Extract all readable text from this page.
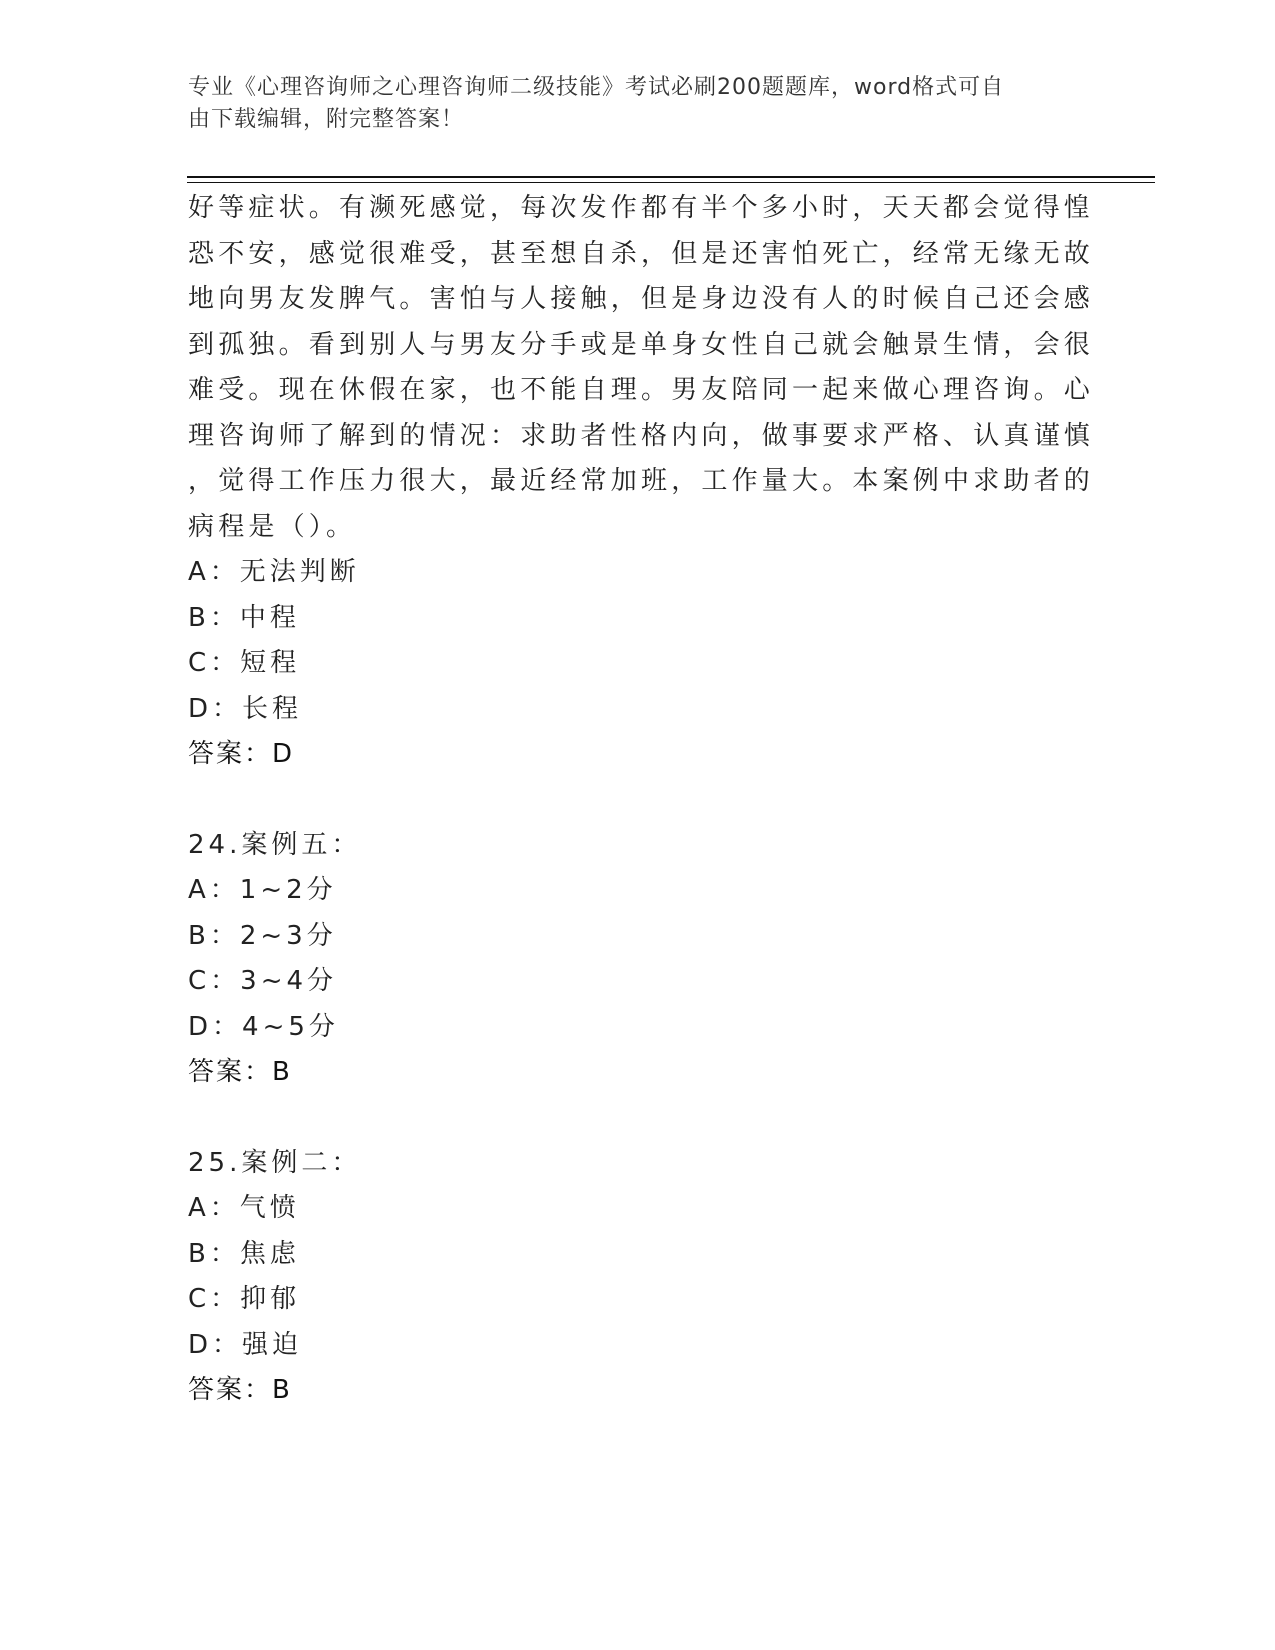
专业《心理咨询师之心理咨询师二级技能》考试必刷200题题库，word格式可自
由下载编辑，附完整答案！
好等症状。有濒死感觉，每次发作都有半个多小时，天天都会觉得惶
恐不安，感觉很难受，甚至想自杀，但是还害怕死亡，经常无缘无故
地向男友发脾气。害怕与人接触，但是身边没有人的时候自己还会感
到孤独。看到别人与男友分手或是单身女性自己就会触景生情，会很
难受。现在休假在家，也不能自理。男友陪同一起来做心理咨询。心
理咨询师了解到的情况：求助者性格内向，做事要求严格、认真谨慎
，觉得工作压力很大，最近经常加班，工作量大。本案例中求助者的
病程是（）。
A：无法判断
B：中程
C：短程
D：长程
答案：D
24.案例五：
A：1~2分
B：2~3分
C：3~4分
D：4~5分
答案：B
25.案例二：
A：气愤
B：焦虑
C：抑郁
D：强迫
答案：B
